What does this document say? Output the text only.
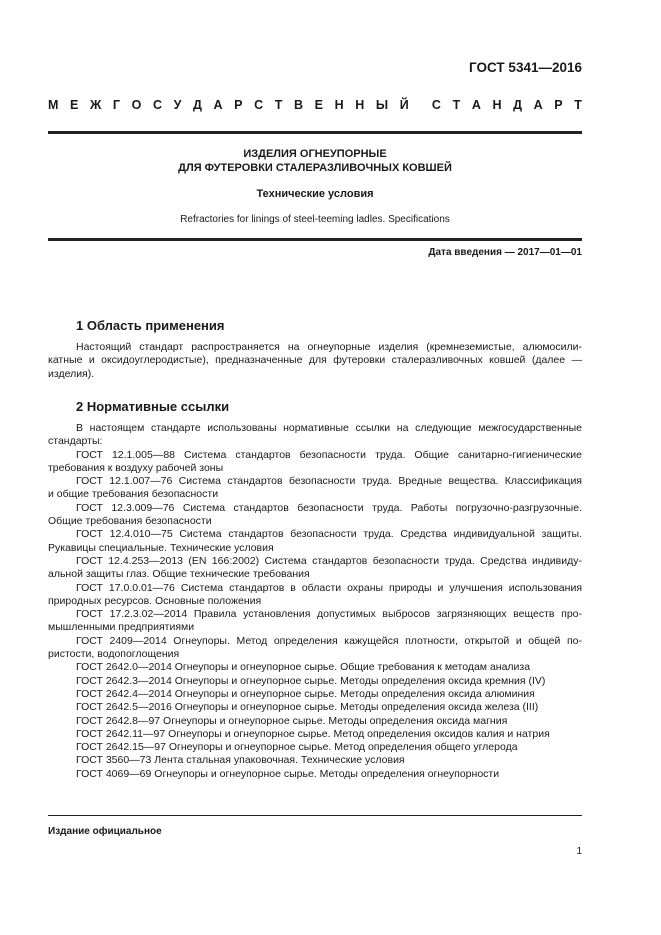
ГОСТ 5341—2016
М Е Ж Г О С У Д А Р С Т В Е Н Н Ы Й С Т А Н Д А Р Т
ИЗДЕЛИЯ ОГНЕУПОРНЫЕ
ДЛЯ ФУТЕРОВКИ СТАЛЕРАЗЛИВОЧНЫХ КОВШЕЙ
Технические условия
Refractories for linings of steel-teeming ladles. Specifications
Дата введения — 2017—01—01
1 Область применения
Настоящий стандарт распространяется на огнеупорные изделия (кремнеземистые, алюмосили-
катные и оксидоуглеродистые), предназначенные для футеровки сталеразливочных ковшей (далее —
изделия).
2 Нормативные ссылки
В настоящем стандарте использованы нормативные ссылки на следующие межгосударственные
стандарты:
ГОСТ 12.1.005—88 Система стандартов безопасности труда. Общие санитарно-гигиенические
требования к воздуху рабочей зоны
ГОСТ 12.1.007—76 Система стандартов безопасности труда. Вредные вещества. Классификация
и общие требования безопасности
ГОСТ 12.3.009—76 Система стандартов безопасности труда. Работы погрузочно-разгрузочные.
Общие требования безопасности
ГОСТ 12.4.010—75 Система стандартов безопасности труда. Средства индивидуальной защиты.
Рукавицы специальные. Технические условия
ГОСТ 12.4.253—2013 (EN 166:2002) Система стандартов безопасности труда. Средства индивиду-
альной защиты глаз. Общие технические требования
ГОСТ 17.0.0.01—76 Система стандартов в области охраны природы и улучшения использования
природных ресурсов. Основные положения
ГОСТ 17.2.3.02—2014 Правила установления допустимых выбросов загрязняющих веществ про-
мышленными предприятиями
ГОСТ 2409—2014 Огнеупоры. Метод определения кажущейся плотности, открытой и общей по-
ристости, водопоглощения
ГОСТ 2642.0—2014 Огнеупоры и огнеупорное сырье. Общие требования к методам анализа
ГОСТ 2642.3—2014 Огнеупоры и огнеупорное сырье. Методы определения оксида кремния (IV)
ГОСТ 2642.4—2014 Огнеупоры и огнеупорное сырье. Методы определения оксида алюминия
ГОСТ 2642.5—2016 Огнеупоры и огнеупорное сырье. Методы определения оксида железа (III)
ГОСТ 2642.8—97 Огнеупоры и огнеупорное сырье. Методы определения оксида магния
ГОСТ 2642.11—97 Огнеупоры и огнеупорное сырье. Метод определения оксидов калия и натрия
ГОСТ 2642.15—97 Огнеупоры и огнеупорное сырье. Метод определения общего углерода
ГОСТ 3560—73 Лента стальная упаковочная. Технические условия
ГОСТ 4069—69 Огнеупоры и огнеупорное сырье. Методы определения огнеупорности
Издание официальное
1
